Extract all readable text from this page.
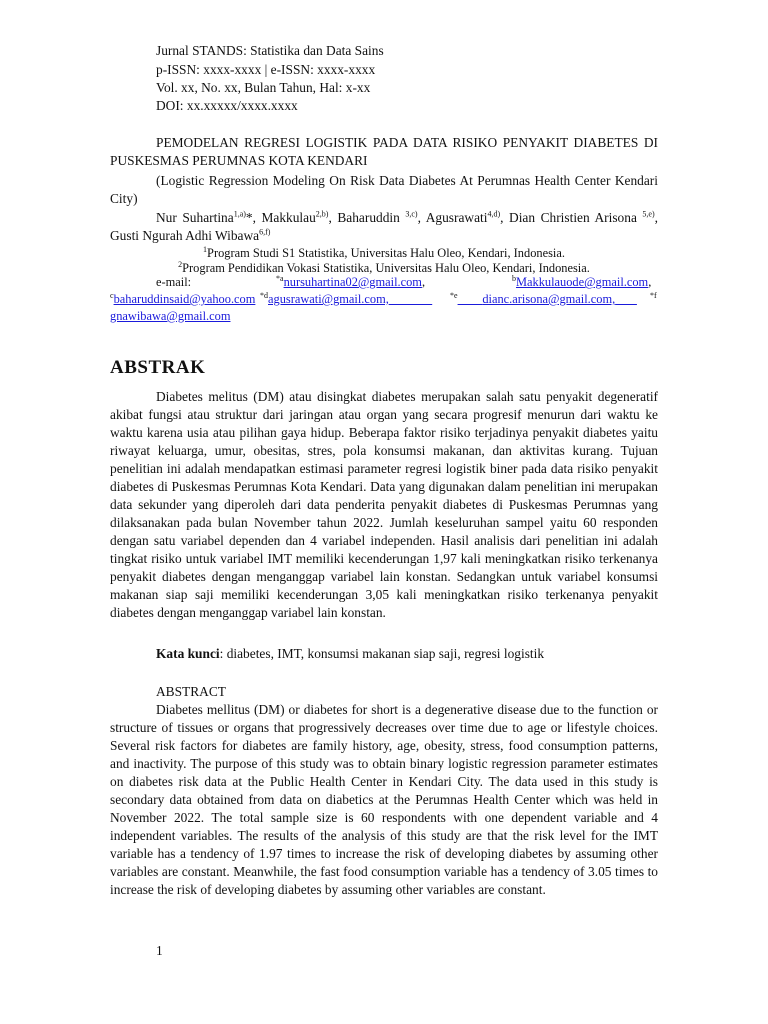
Jurnal STANDS: Statistika dan Data Sains
p-ISSN: xxxx-xxxx | e-ISSN: xxxx-xxxx
Vol. xx, No. xx, Bulan Tahun, Hal: x-xx
DOI: xx.xxxxx/xxxx.xxxx
PEMODELAN REGRESI LOGISTIK PADA DATA RISIKO PENYAKIT DIABETES DI PUSKESMAS PERUMNAS KOTA KENDARI
(Logistic Regression Modeling On Risk Data Diabetes At Perumnas Health Center Kendari City)
Nur Suhartina$^{1,a)}$*, Makkulau$^{2,b)}$, Baharuddin $^{3,c)}$, Agusrawati$^{4,d)}$, Dian Christien Arisona $^{5,e)}$, Gusti Ngurah Adhi Wibawa$^{6,f)}$
$^1$Program Studi S1 Statistika, Universitas Halu Oleo, Kendari, Indonesia.
$^2$Program Pendidikan Vokasi Statistika, Universitas Halu Oleo, Kendari, Indonesia.
e-mail:	$^{*a}$nursuhartina02@gmail.com,	$^b$Makkulauode@gmail.com,
$^c$baharuddinsaid@yahoo.com $^{*d}$agusrawati@gmail.com,	$^{*e}$ dianc.arisona@gmail.com,	$^{*f}$
gnawibawa@gmail.com
ABSTRAK
Diabetes melitus (DM) atau disingkat diabetes merupakan salah satu penyakit degeneratif akibat fungsi atau struktur dari jaringan atau organ yang secara progresif menurun dari waktu ke waktu karena usia atau pilihan gaya hidup. Beberapa faktor risiko terjadinya penyakit diabetes yaitu riwayat keluarga, umur, obesitas, stres, pola konsumsi makanan, dan aktivitas kurang. Tujuan penelitian ini adalah mendapatkan estimasi parameter regresi logistik biner pada data risiko penyakit diabetes di Puskesmas Perumnas Kota Kendari. Data yang digunakan dalam penelitian ini merupakan data sekunder yang diperoleh dari data penderita penyakit diabetes di Puskesmas Perumnas yang dilaksanakan pada bulan November tahun 2022. Jumlah keseluruhan sampel yaitu 60 responden dengan satu variabel dependen dan 4 variabel independen. Hasil analisis dari penelitian ini adalah tingkat risiko untuk variabel IMT memiliki kecenderungan 1,97 kali meningkatkan risiko terkenanya penyakit diabetes dengan menganggap variabel lain konstan. Sedangkan untuk variabel konsumsi makanan siap saji memiliki kecenderungan 3,05 kali meningkatkan risiko terkenanya penyakit diabetes dengan menganggap variabel lain konstan.
Kata kunci: diabetes, IMT, konsumsi makanan siap saji, regresi logistik
ABSTRACT
Diabetes mellitus (DM) or diabetes for short is a degenerative disease due to the function or structure of tissues or organs that progressively decreases over time due to age or lifestyle choices. Several risk factors for diabetes are family history, age, obesity, stress, food consumption patterns, and inactivity. The purpose of this study was to obtain binary logistic regression parameter estimates on diabetes risk data at the Public Health Center in Kendari City. The data used in this study is secondary data obtained from data on diabetics at the Perumnas Health Center which was held in November 2022. The total sample size is 60 respondents with one dependent variable and 4 independent variables. The results of the analysis of this study are that the risk level for the IMT variable has a tendency of 1.97 times to increase the risk of developing diabetes by assuming other variables are constant. Meanwhile, the fast food consumption variable has a tendency of 3.05 times to increase the risk of developing diabetes by assuming other variables are constant.
1
